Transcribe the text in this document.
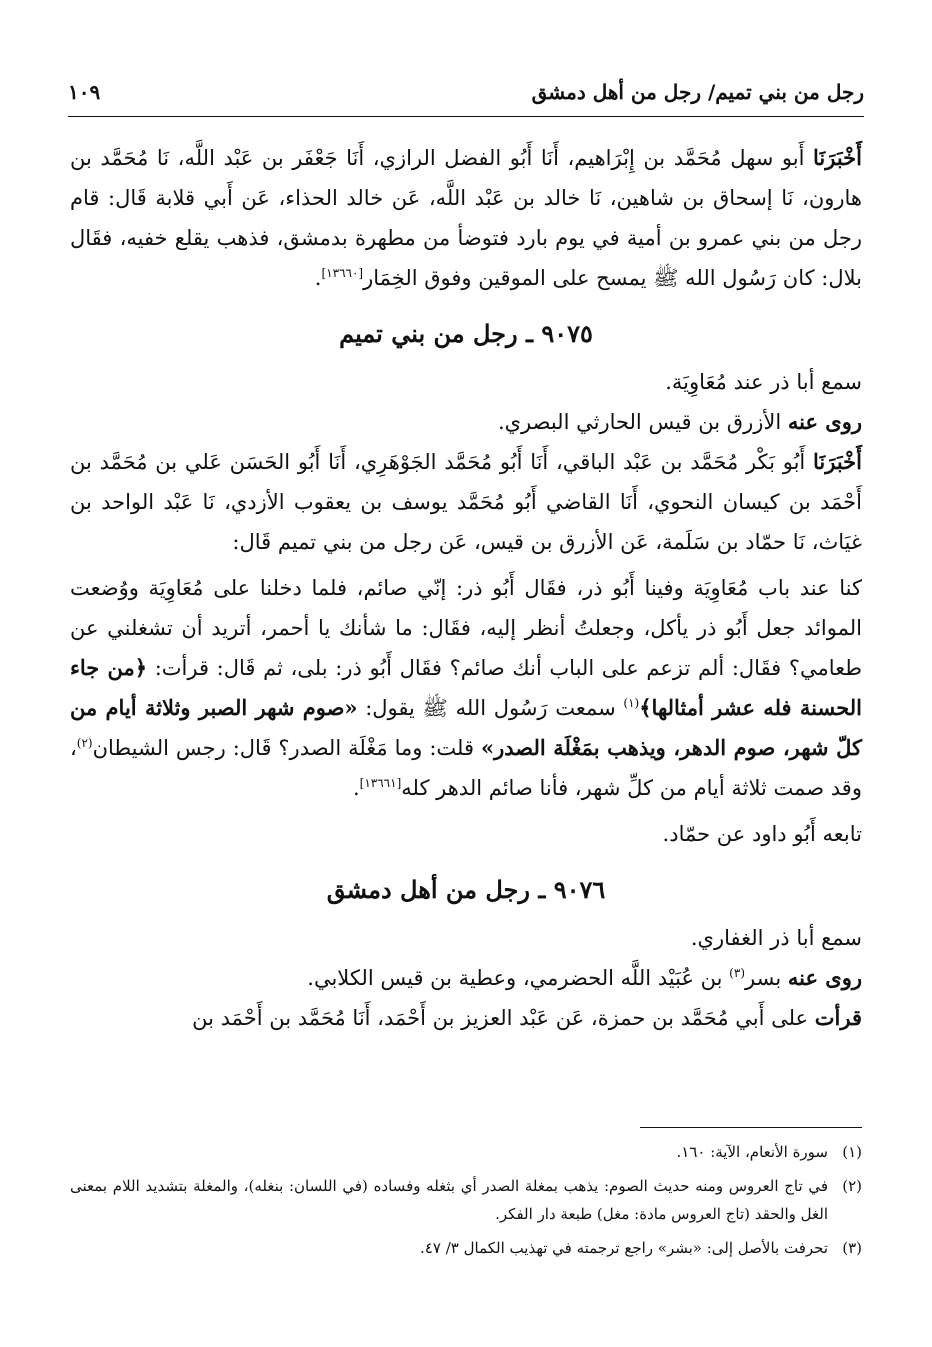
رجل من بني تميم/ رجل من أهل دمشق
١٠٩

أَخْبَرَنَا أَبو سهل مُحَمَّد بن إِبْرَاهيم، أَنَا أَبُو الفضل الرازي، أَنَا جَعْفَر بن عَبْد اللَّه، نَا مُحَمَّد بن هارون، نَا إسحاق بن شاهين، نَا خالد بن عَبْد اللَّه، عَن خالد الحذاء، عَن أَبي قلابة قَال: قام رجل من بني عمرو بن أمية في يوم بارد فتوضأ من مطهرة بدمشق، فذهب يقلع خفيه، فقَال بلال: كان رَسُول الله ﷺ يمسح على الموقين وفوق الخِمَار[١٣٦٦٠].

٩٠٧٥ ـ رجل من بني تميم

سمع أبا ذر عند مُعَاوِيَة.

روى عنه الأزرق بن قيس الحارثي البصري.

أَخْبَرَنَا أَبُو بَكْر مُحَمَّد بن عَبْد الباقي، أَنَا أَبُو مُحَمَّد الجَوْهَرِي، أَنَا أَبُو الحَسَن عَلي بن مُحَمَّد بن أَحْمَد بن كيسان النحوي، أَنَا القاضي أَبُو مُحَمَّد يوسف بن يعقوب الأزدي، نَا عَبْد الواحد بن غيَاث، نَا حمّاد بن سَلَمة، عَن الأزرق بن قيس، عَن رجل من بني تميم قَال:

كنا عند باب مُعَاوِيَة وفينا أَبُو ذر، فقَال أَبُو ذر: إنّي صائم، فلما دخلنا على مُعَاوِيَة ووُضعت الموائد جعل أَبُو ذر يأكل، وجعلتُ أنظر إليه، فقَال: ما شأنك يا أحمر، أتريد أن تشغلني عن طعامي؟ فقَال: ألم تزعم على الباب أنك صائم؟ فقَال أَبُو ذر: بلى، ثم قَال: قرأت: ﴿من جاء الحسنة فله عشر أمثالها﴾$^{(١)}$ سمعت رَسُول الله ﷺ يقول: «صوم شهر الصبر وثلاثة أيام من كلّ شهر، صوم الدهر، ويذهب بمَغْلَة الصدر» قلت: وما مَغْلَة الصدر؟ قَال: رجس الشيطان$^{(٢)}$، وقد صمت ثلاثة أيام من كلِّ شهر، فأنا صائم الدهر كله[١٣٦٦١].

تابعه أَبُو داود عن حمّاد.

٩٠٧٦ ـ رجل من أهل دمشق

سمع أبا ذر الغفاري.

روى عنه بسر$^{(٣)}$ بن عُبَيْد اللَّه الحضرمي، وعطية بن قيس الكلابي.

قرأت على أَبي مُحَمَّد بن حمزة، عَن عَبْد العزيز بن أَحْمَد، أَنَا مُحَمَّد بن أَحْمَد بن

(١)
سورة الأنعام، الآية: ١٦٠.
(٢)
في تاج العروس ومنه حديث الصوم: يذهب بمغلة الصدر أي بثغله وفساده (في اللسان: بنغله)، والمغلة بتشديد اللام بمعنى الغل والحقد (تاج العروس مادة: مغل) طبعة دار الفكر.
(٣)
تحرفت بالأصل إلى: «بشر» راجع ترجمته في تهذيب الكمال ٣/ ٤٧.
